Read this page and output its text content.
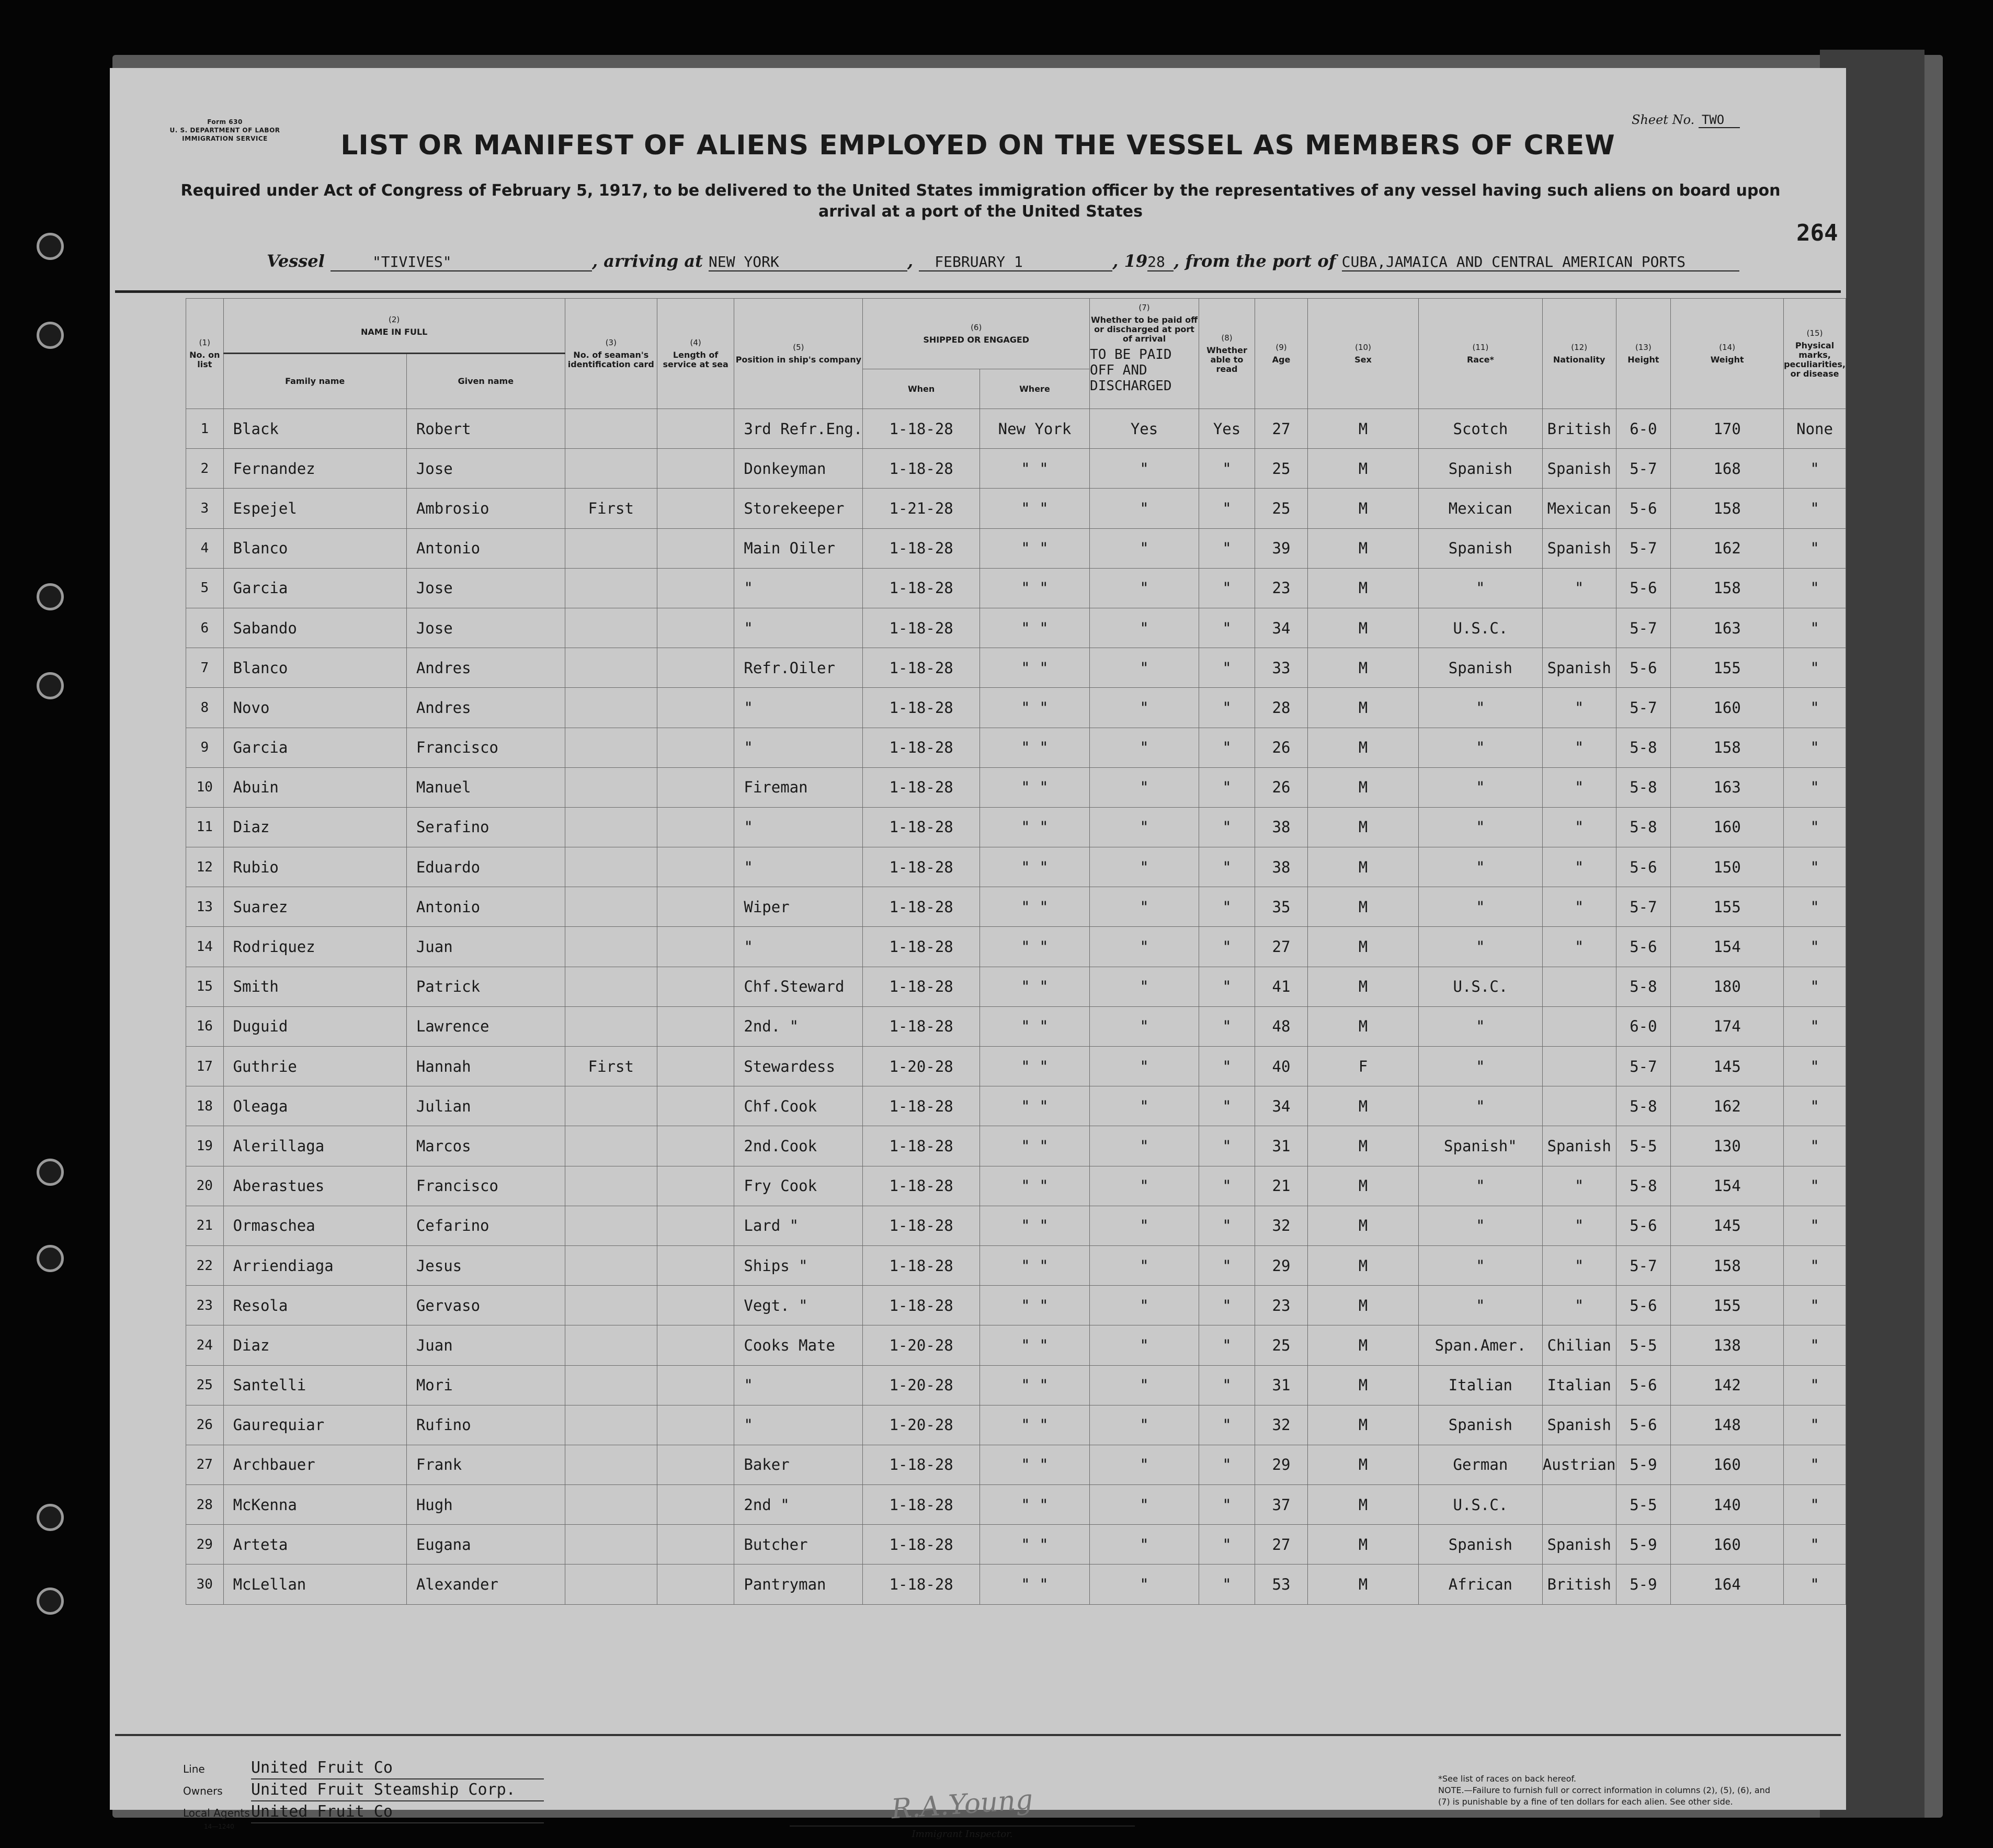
Form 630
U. S. DEPARTMENT OF LABOR
IMMIGRATION SERVICE
Sheet No. TWO
LIST OR MANIFEST OF ALIENS EMPLOYED ON THE VESSEL AS MEMBERS OF CREW
Required under Act of Congress of February 5, 1917, to be delivered to the United States immigration officer by the representatives of any vessel having such aliens on board upon arrival at a port of the United States
264
Vessel	"TIVIVES"	, arriving at NEW YORK	, FEBRUARY 1	, 1928 , from the port of CUBA,JAMAICA AND CENTRAL AMERICAN PORTS
(1)
No. on list	(2)
NAME IN FULL		(3)
No. of seaman's identification card	(4)
Length of service at sea	(5)
Position in ship's company	(6)
SHIPPED OR ENGAGED		(7)
Whether to be paid off or discharged at port of arrival
TO BE PAID OFF AND DISCHARGED	(8)
Whether able to read	(9)
Age	(10)
Sex	(11)
Race*	(12)
Nationality	(13)
Height	(14)
Weight	(15)
Physical marks, peculiarities, or disease
	Family name	Given name														
						When	Where									
1	Black	Robert			3rd Refr.Eng.	1-18-28	New York	Yes	Yes	27	M	Scotch	British	6-0	170	None
2	Fernandez	Jose			Donkeyman	1-18-28	" "	"	"	25	M	Spanish	Spanish	5-7	168	"
3	Espejel	Ambrosio	First		Storekeeper	1-21-28	" "	"	"	25	M	Mexican	Mexican	5-6	158	"
4	Blanco	Antonio			Main Oiler	1-18-28	" "	"	"	39	M	Spanish	Spanish	5-7	162	"
5	Garcia	Jose			"	1-18-28	" "	"	"	23	M	"	"	5-6	158	"
6	Sabando	Jose			"	1-18-28	" "	"	"	34	M	U.S.C.		5-7	163	"
7	Blanco	Andres			Refr.Oiler	1-18-28	" "	"	"	33	M	Spanish	Spanish	5-6	155	"
8	Novo	Andres			"	1-18-28	" "	"	"	28	M	"	"	5-7	160	"
9	Garcia	Francisco			"	1-18-28	" "	"	"	26	M	"	"	5-8	158	"
10	Abuin	Manuel			Fireman	1-18-28	" "	"	"	26	M	"	"	5-8	163	"
11	Diaz	Serafino			"	1-18-28	" "	"	"	38	M	"	"	5-8	160	"
12	Rubio	Eduardo			"	1-18-28	" "	"	"	38	M	"	"	5-6	150	"
13	Suarez	Antonio			Wiper	1-18-28	" "	"	"	35	M	"	"	5-7	155	"
14	Rodriquez	Juan			"	1-18-28	" "	"	"	27	M	"	"	5-6	154	"
15	Smith	Patrick			Chf.Steward	1-18-28	" "	"	"	41	M	U.S.C.		5-8	180	"
16	Duguid	Lawrence			2nd. "	1-18-28	" "	"	"	48	M	"		6-0	174	"
17	Guthrie	Hannah	First		Stewardess	1-20-28	" "	"	"	40	F	"		5-7	145	"
18	Oleaga	Julian			Chf.Cook	1-18-28	" "	"	"	34	M	"		5-8	162	"
19	Alerillaga	Marcos			2nd.Cook	1-18-28	" "	"	"	31	M	Spanish"	Spanish	5-5	130	"
20	Aberastues	Francisco			Fry Cook	1-18-28	" "	"	"	21	M	"	"	5-8	154	"
21	Ormaschea	Cefarino			Lard "	1-18-28	" "	"	"	32	M	"	"	5-6	145	"
22	Arriendiaga	Jesus			Ships "	1-18-28	" "	"	"	29	M	"	"	5-7	158	"
23	Resola	Gervaso			Vegt. "	1-18-28	" "	"	"	23	M	"	"	5-6	155	"
24	Diaz	Juan			Cooks Mate	1-20-28	" "	"	"	25	M	Span.Amer.	Chilian	5-5	138	"
25	Santelli	Mori			"	1-20-28	" "	"	"	31	M	Italian	Italian	5-6	142	"
26	Gaurequiar	Rufino			"	1-20-28	" "	"	"	32	M	Spanish	Spanish	5-6	148	"
27	Archbauer	Frank			Baker	1-18-28	" "	"	"	29	M	German	Austrian	5-9	160	"
28	McKenna	Hugh			2nd "	1-18-28	" "	"	"	37	M	U.S.C.		5-5	140	"
29	Arteta	Eugana			Butcher	1-18-28	" "	"	"	27	M	Spanish	Spanish	5-9	160	"
30	McLellan	Alexander			Pantryman	1-18-28	" "	"	"	53	M	African	British	5-9	164	"
Line	United Fruit Co
Owners United Fruit Steamship Corp.
Local AgentsUnited Fruit Co
14—1240
R.A.Young
Immigrant Inspector.
*See list of races on back hereof.
NOTE.—Failure to furnish full or correct information in columns (2), (5), (6), and (7) is punishable by a fine of ten dollars for each alien. See other side.
